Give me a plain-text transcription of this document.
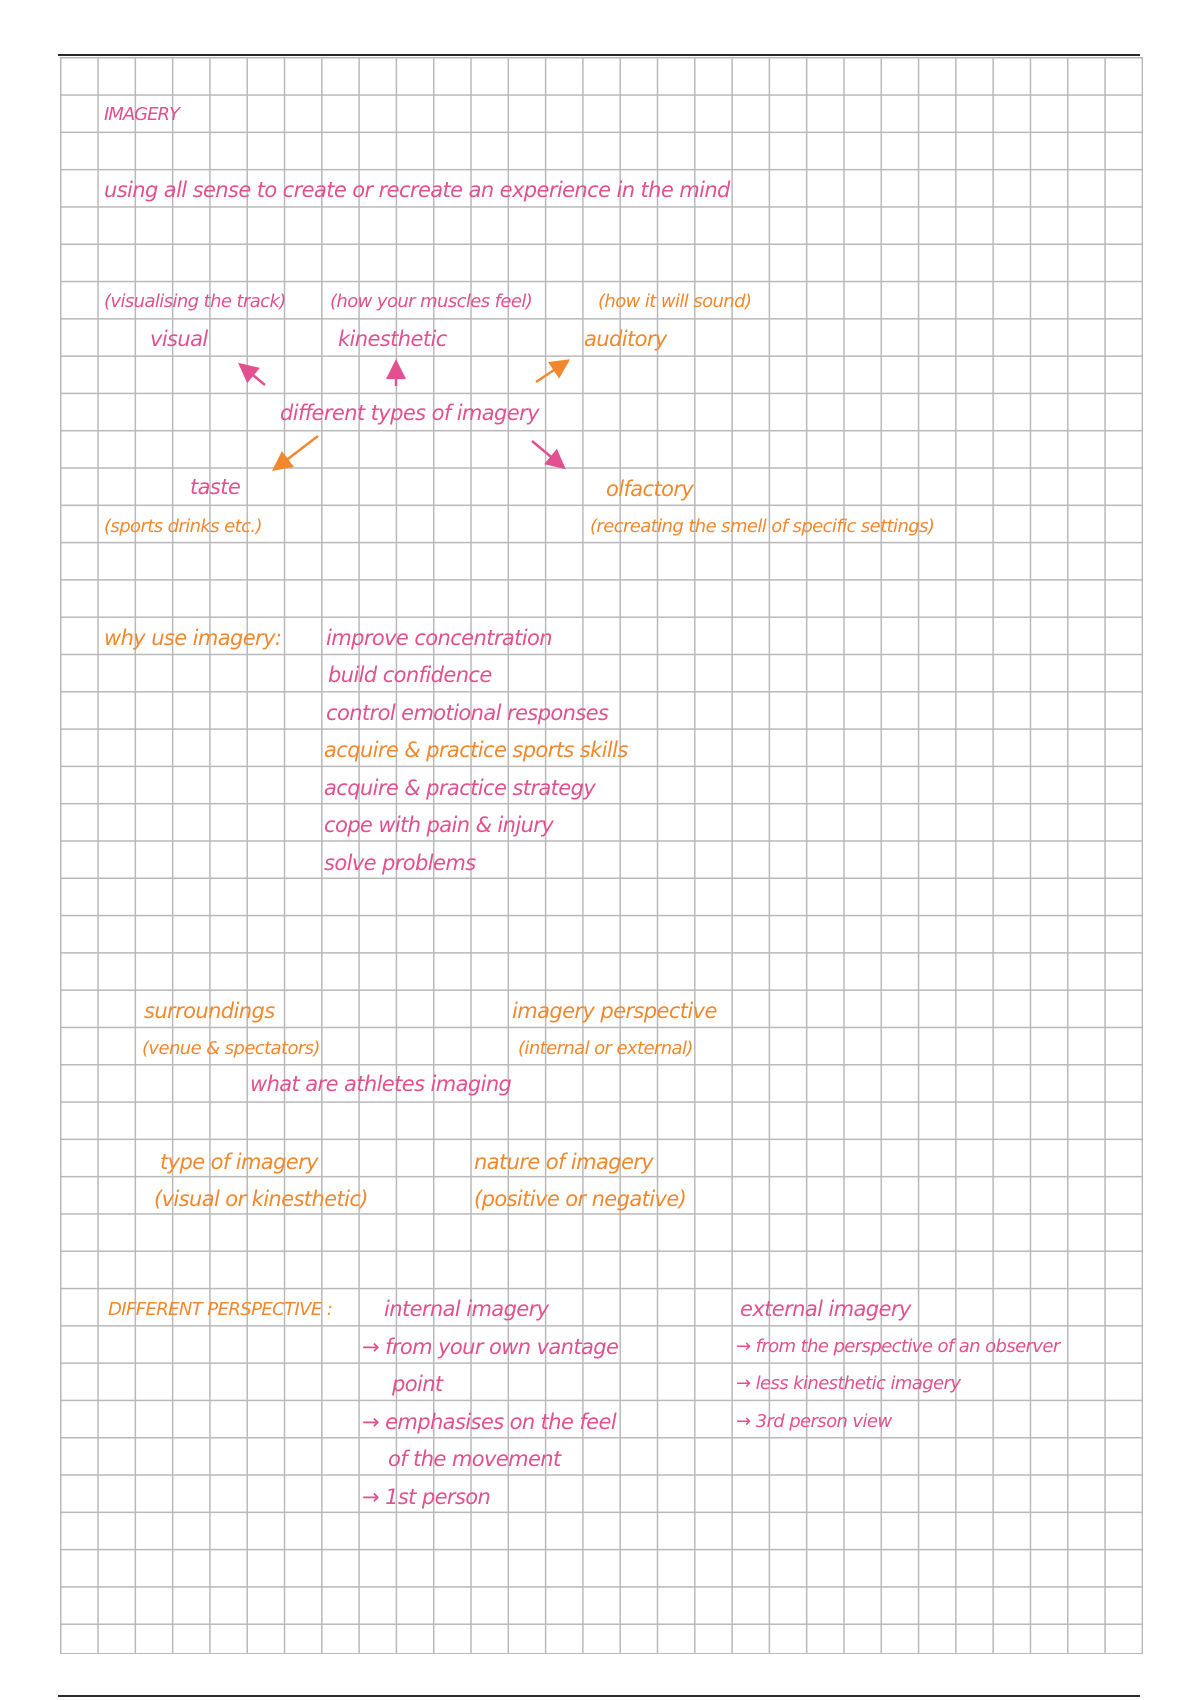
IMAGERY
using all sense to create or recreate an experience in the mind
(visualising the track) (how your muscles feel)	(how it will sound)
visual	kinesthetic	auditory
different types of imagery
taste
(sports drinks etc.)
olfactory
(recreating the smell of specific settings)
why use imagery: improve concentration
build confidence
control emotional responses
acquire & practice sports skills
acquire & practice strategy
cope with pain & injury
solve problems
surroundings
(venue & spectators)
imagery perspective
(internal or external)
what are athletes imaging
type of imagery
(visual or kinesthetic)
nature of imagery
(positive or negative)
DIFFERENT PERSPECTIVE : internal imagery
→ from your own vantage
point
→ emphasises on the feel
of the movement
→ 1st person
external imagery
→ from the perspective of an observer
→ less kinesthetic imagery
→ 3rd person view
